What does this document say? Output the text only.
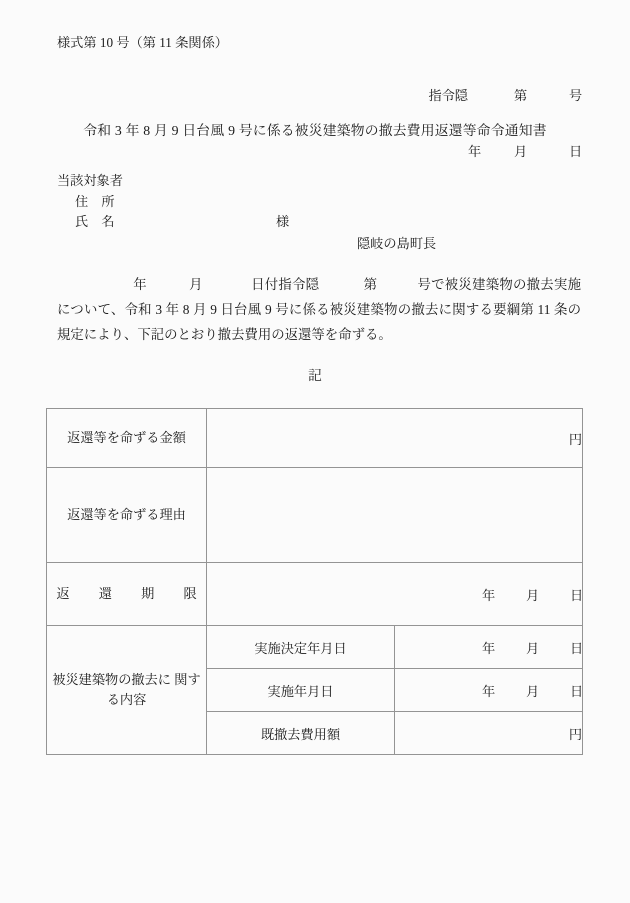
様式第 10 号（第 11 条関係）

指令隠	第	号

年 月	日

令和 3 年 8 月 9 日台風 9 号に係る被災建築物の撤去費用返還等命令通知書
当該対象者
住　所
氏　名	様
隠岐の島町長
年	月	日付指令隠	第	号で被災建築物の撤去実施について、令和 3 年 8 月 9 日台風 9 号に係る被災建築物の撤去に関する要綱第 11 条の規定により、下記のとおり撤去費用の返還等を命ずる。
記
返還等を命ずる金額	円	
返還等を命ずる理由		
返　還　期　限	年 月 日	
被災建築物の撤去に 関する内容	実施決定年月日	年 月 日
	実施年月日	年 月 日
	既撤去費用額	円
